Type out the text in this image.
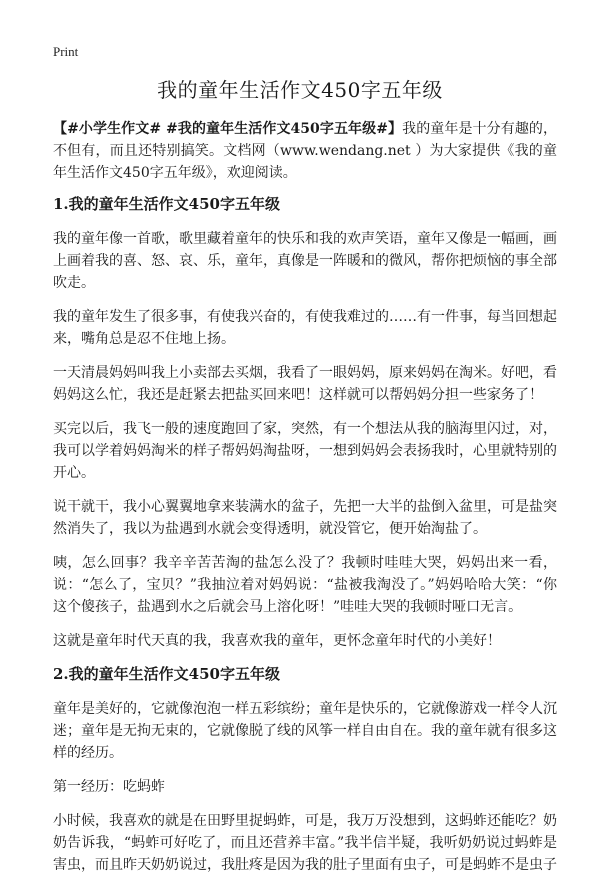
Print
我的童年生活作文450字五年级

【#小学生作文# #我的童年生活作文450字五年级#】我的童年是十分有趣的，不但有，而且还特别搞笑。文档网（www.wendang.net ）为大家提供《我的童年生活作文450字五年级》，欢迎阅读。

1.我的童年生活作文450字五年级

我的童年像一首歌，歌里藏着童年的快乐和我的欢声笑语，童年又像是一幅画，画上画着我的喜、怒、哀、乐，童年，真像是一阵暖和的微风，帮你把烦恼的事全部吹走。

我的童年发生了很多事，有使我兴奋的，有使我难过的……有一件事，每当回想起来，嘴角总是忍不住地上扬。

一天清晨妈妈叫我上小卖部去买烟，我看了一眼妈妈，原来妈妈在淘米。好吧，看妈妈这么忙，我还是赶紧去把盐买回来吧！这样就可以帮妈妈分担一些家务了！

买完以后，我飞一般的速度跑回了家，突然，有一个想法从我的脑海里闪过，对，我可以学着妈妈淘米的样子帮妈妈淘盐呀，一想到妈妈会表扬我时，心里就特别的开心。

说干就干，我小心翼翼地拿来装满水的盆子，先把一大半的盐倒入盆里，可是盐突然消失了，我以为盐遇到水就会变得透明，就没管它，便开始淘盐了。

咦，怎么回事？我辛辛苦苦淘的盐怎么没了？我顿时哇哇大哭，妈妈出来一看，说：“怎么了，宝贝？”我抽泣着对妈妈说：“盐被我淘没了。”妈妈哈哈大笑：“你这个傻孩子，盐遇到水之后就会马上溶化呀！”哇哇大哭的我顿时哑口无言。

这就是童年时代天真的我，我喜欢我的童年，更怀念童年时代的小美好！

2.我的童年生活作文450字五年级

童年是美好的，它就像泡泡一样五彩缤纷；童年是快乐的，它就像游戏一样令人沉迷；童年是无拘无束的，它就像脱了线的风筝一样自由自在。我的童年就有很多这样的经历。

第一经历：吃蚂蚱

小时候，我喜欢的就是在田野里捉蚂蚱，可是，我万万没想到，这蚂蚱还能吃？奶奶告诉我，“蚂蚱可好吃了，而且还营养丰富。”我半信半疑，我听奶奶说过蚂蚱是害虫，而且昨天奶奶说过，我肚疼是因为我的肚子里面有虫子，可是蚂蚱不是虫子
